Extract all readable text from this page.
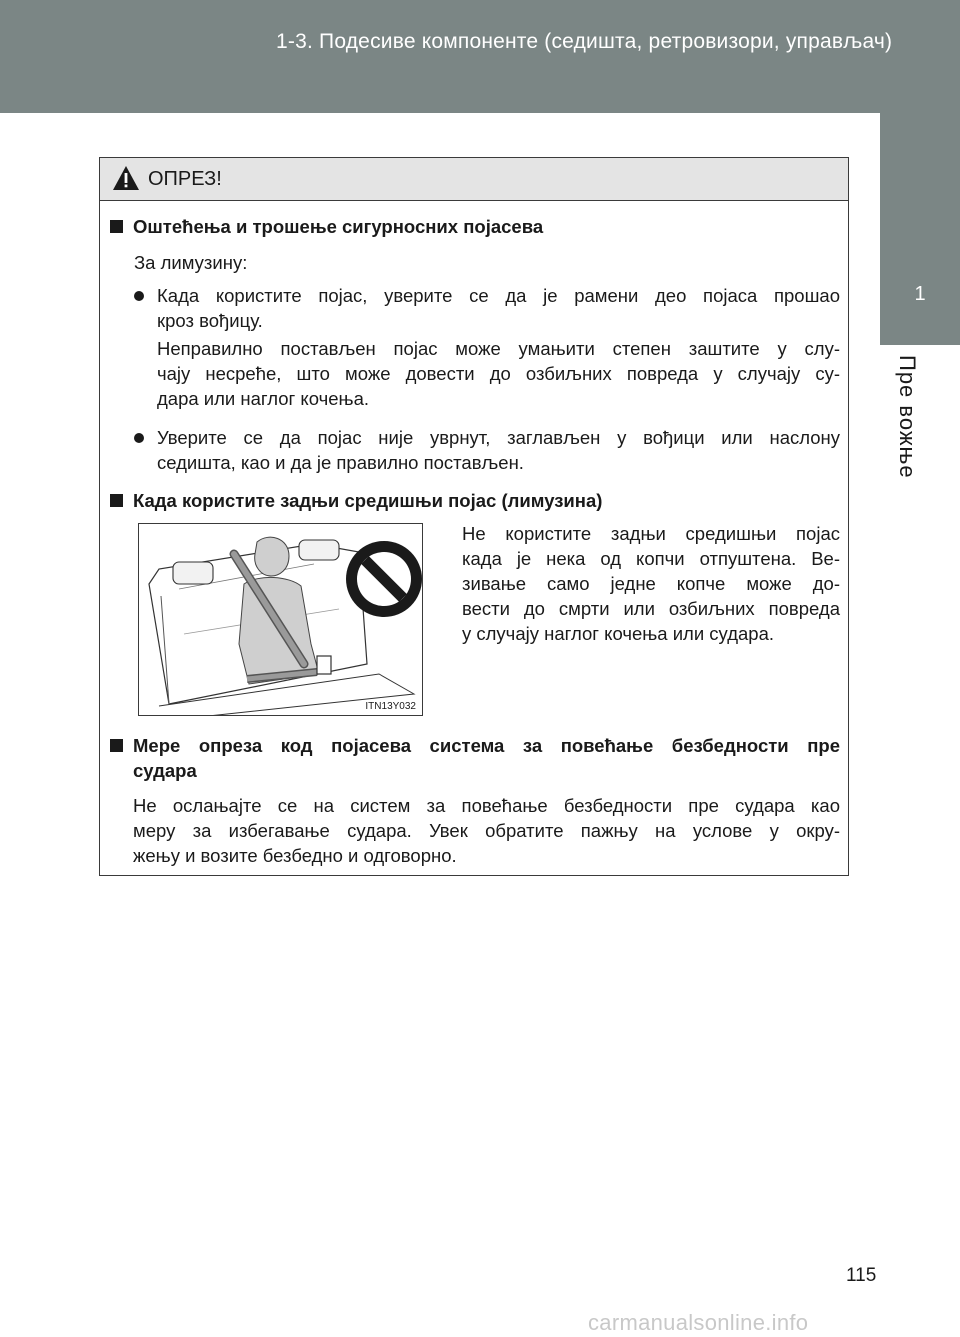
1-3. Подесиве компоненте (седишта, ретровизори, управљач)
1
Пре вожње
ОПРЕЗ!
Оштећења и трошење сигурносних појасева
За лимузину:
Када користите појас, уверите се да је рамени део појаса прошао
кроз вођицу.
Неправилно постављен појас може умањити степен заштите у слу-
чају несреће, што може довести до озбиљних повреда у случају су-
дара или наглог кочења.
Уверите се да појас није уврнут, заглављен у вођици или наслону
седишта, као и да је правилно постављен.
Када користите задњи средишњи појас (лимузина)
ITN13Y032
Не користите задњи средишњи појас
када је нека од копчи отпуштена. Ве-
зивање само једне копче може до-
вести до смрти или озбиљних повреда
у случају наглог кочења или судара.
Мере опреза код појасева система за повећање безбедности пре
судара
Не ослањајте се на систем за повећање безбедности пре судара као
меру за избегавање судара. Увек обратите пажњу на услове у окру-
жењу и возите безбедно и одговорно.
115
carmanualsonline.info
